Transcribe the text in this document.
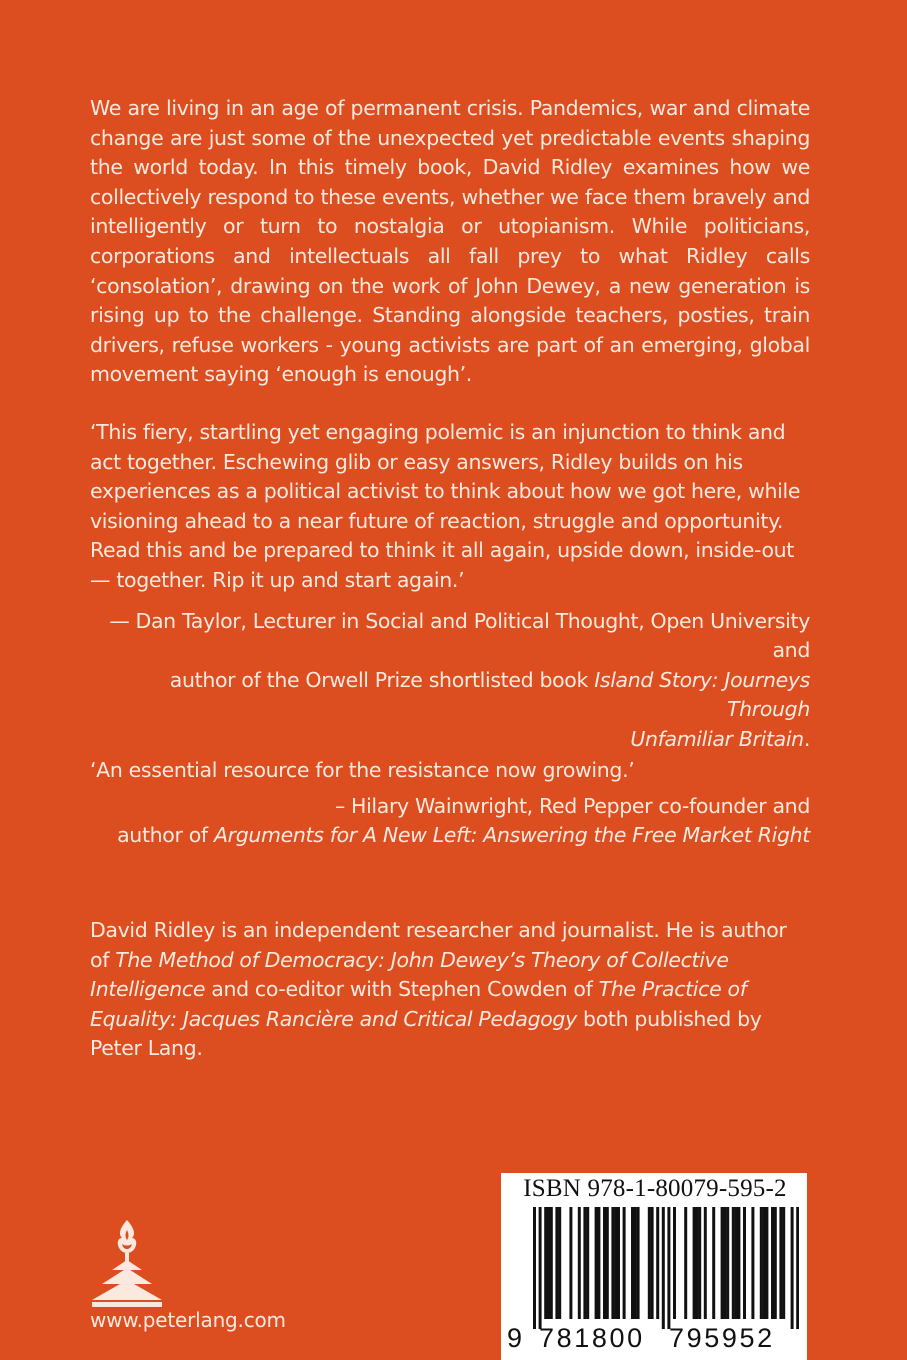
We are living in an age of permanent crisis. Pandemics, war and climate change are just some of the unexpected yet predictable events shaping the world today. In this timely book, David Ridley examines how we collectively respond to these events, whether we face them bravely and intelligently or turn to nostalgia or utopianism. While politicians, corporations and intellectuals all fall prey to what Ridley calls ‘consolation’, drawing on the work of John Dewey, a new generation is rising up to the challenge. Standing alongside teachers, posties, train drivers, refuse workers - young activists are part of an emerging, global movement saying ‘enough is enough’.

‘This fiery, startling yet engaging polemic is an injunction to think and act together. Eschewing glib or easy answers, Ridley builds on his experiences as a political activist to think about how we got here, while visioning ahead to a near future of reaction, struggle and opportunity. Read this and be prepared to think it all again, upside down, inside-out — together. Rip it up and start again.’

— Dan Taylor, Lecturer in Social and Political Thought, Open University and
author of the Orwell Prize shortlisted book Island Story: Journeys Through
Unfamiliar Britain.

‘An essential resource for the resistance now growing.’

– Hilary Wainwright, Red Pepper co-founder and
author of Arguments for A New Left: Answering the Free Market Right

David Ridley is an independent researcher and journalist. He is author of The Method of Democracy: John Dewey’s Theory of Collective Intelligence and co-editor with Stephen Cowden of The Practice of Equality: Jacques Rancière and Critical Pedagogy both published by Peter Lang.
www.peterlang.com
ISBN 978-1-80079-595-2
9 781800 795952
